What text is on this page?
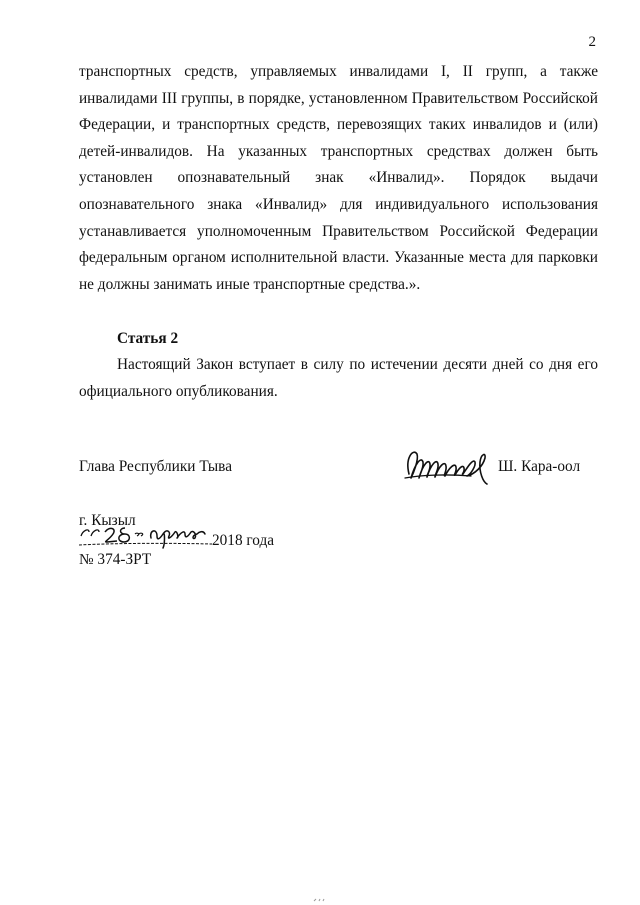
2
транспортных средств, управляемых инвалидами I, II групп, а также
инвалидами III группы, в порядке, установленном Правительством Российской
Федерации, и транспортных средств, перевозящих таких инвалидов и (или)
детей-инвалидов. На указанных транспортных средствах должен быть
установлен опознавательный знак «Инвалид». Порядок выдачи
опознавательного знака «Инвалид» для индивидуального использования
устанавливается уполномоченным Правительством Российской Федерации
федеральным органом исполнительной власти. Указанные места для парковки
не должны занимать иные транспортные средства.».
Статья 2
Настоящий Закон вступает в силу по истечении десяти дней со дня его
официального опубликования.
Глава Республики Тыва	Ш. Кара-оол
г. Кызыл
2018 года
№ 374-ЗРТ
